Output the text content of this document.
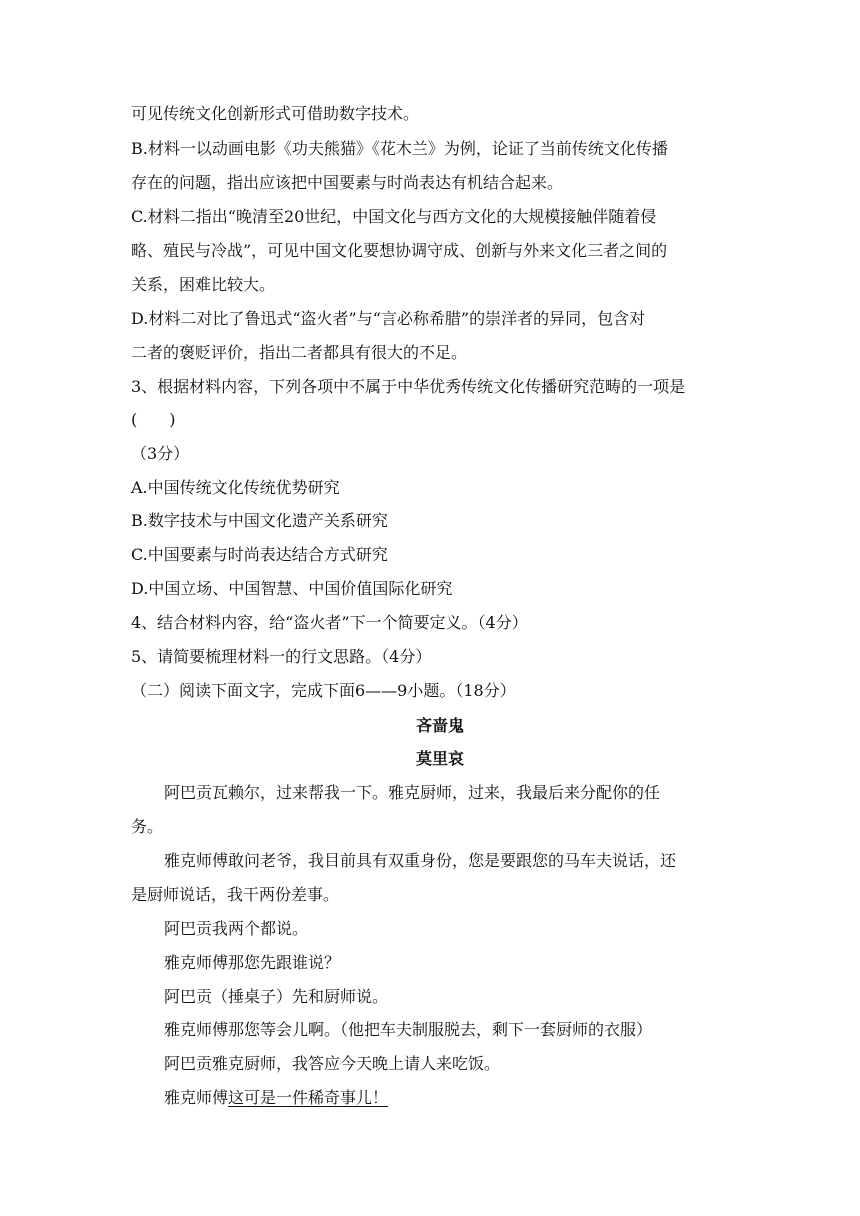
可见传统文化创新形式可借助数字技术。

B.材料一以动画电影《功夫熊猫》《花木兰》为例，论证了当前传统文化传播

存在的问题，指出应该把中国要素与时尚表达有机结合起来。

C.材料二指出“晚清至20世纪，中国文化与西方文化的大规模接触伴随着侵

略、殖民与冷战”，可见中国文化要想协调守成、创新与外来文化三者之间的

关系，困难比较大。

D.材料二对比了鲁迅式“盗火者”与“言必称希腊”的崇洋者的异同，包含对

二者的褒贬评价，指出二者都具有很大的不足。

3、根据材料内容，下列各项中不属于中华优秀传统文化传播研究范畴的一项是

(　　)

（3分）

A.中国传统文化传统优势研究

B.数字技术与中国文化遗产关系研究

C.中国要素与时尚表达结合方式研究

D.中国立场、中国智慧、中国价值国际化研究

4、结合材料内容，给“盗火者”下一个简要定义。（4分）

5、请简要梳理材料一的行文思路。（4分）

（二）阅读下面文字，完成下面6——9小题。（18分）

吝啬鬼

莫里哀

阿巴贡瓦赖尔，过来帮我一下。雅克厨师，过来，我最后来分配你的任

务。

雅克师傅敢问老爷，我目前具有双重身份，您是要跟您的马车夫说话，还

是厨师说话，我干两份差事。

阿巴贡我两个都说。

雅克师傅那您先跟谁说？

阿巴贡（捶桌子）先和厨师说。

雅克师傅那您等会儿啊。（他把车夫制服脱去，剩下一套厨师的衣服）

阿巴贡雅克厨师，我答应今天晚上请人来吃饭。

雅克师傅这可是一件稀奇事儿！
